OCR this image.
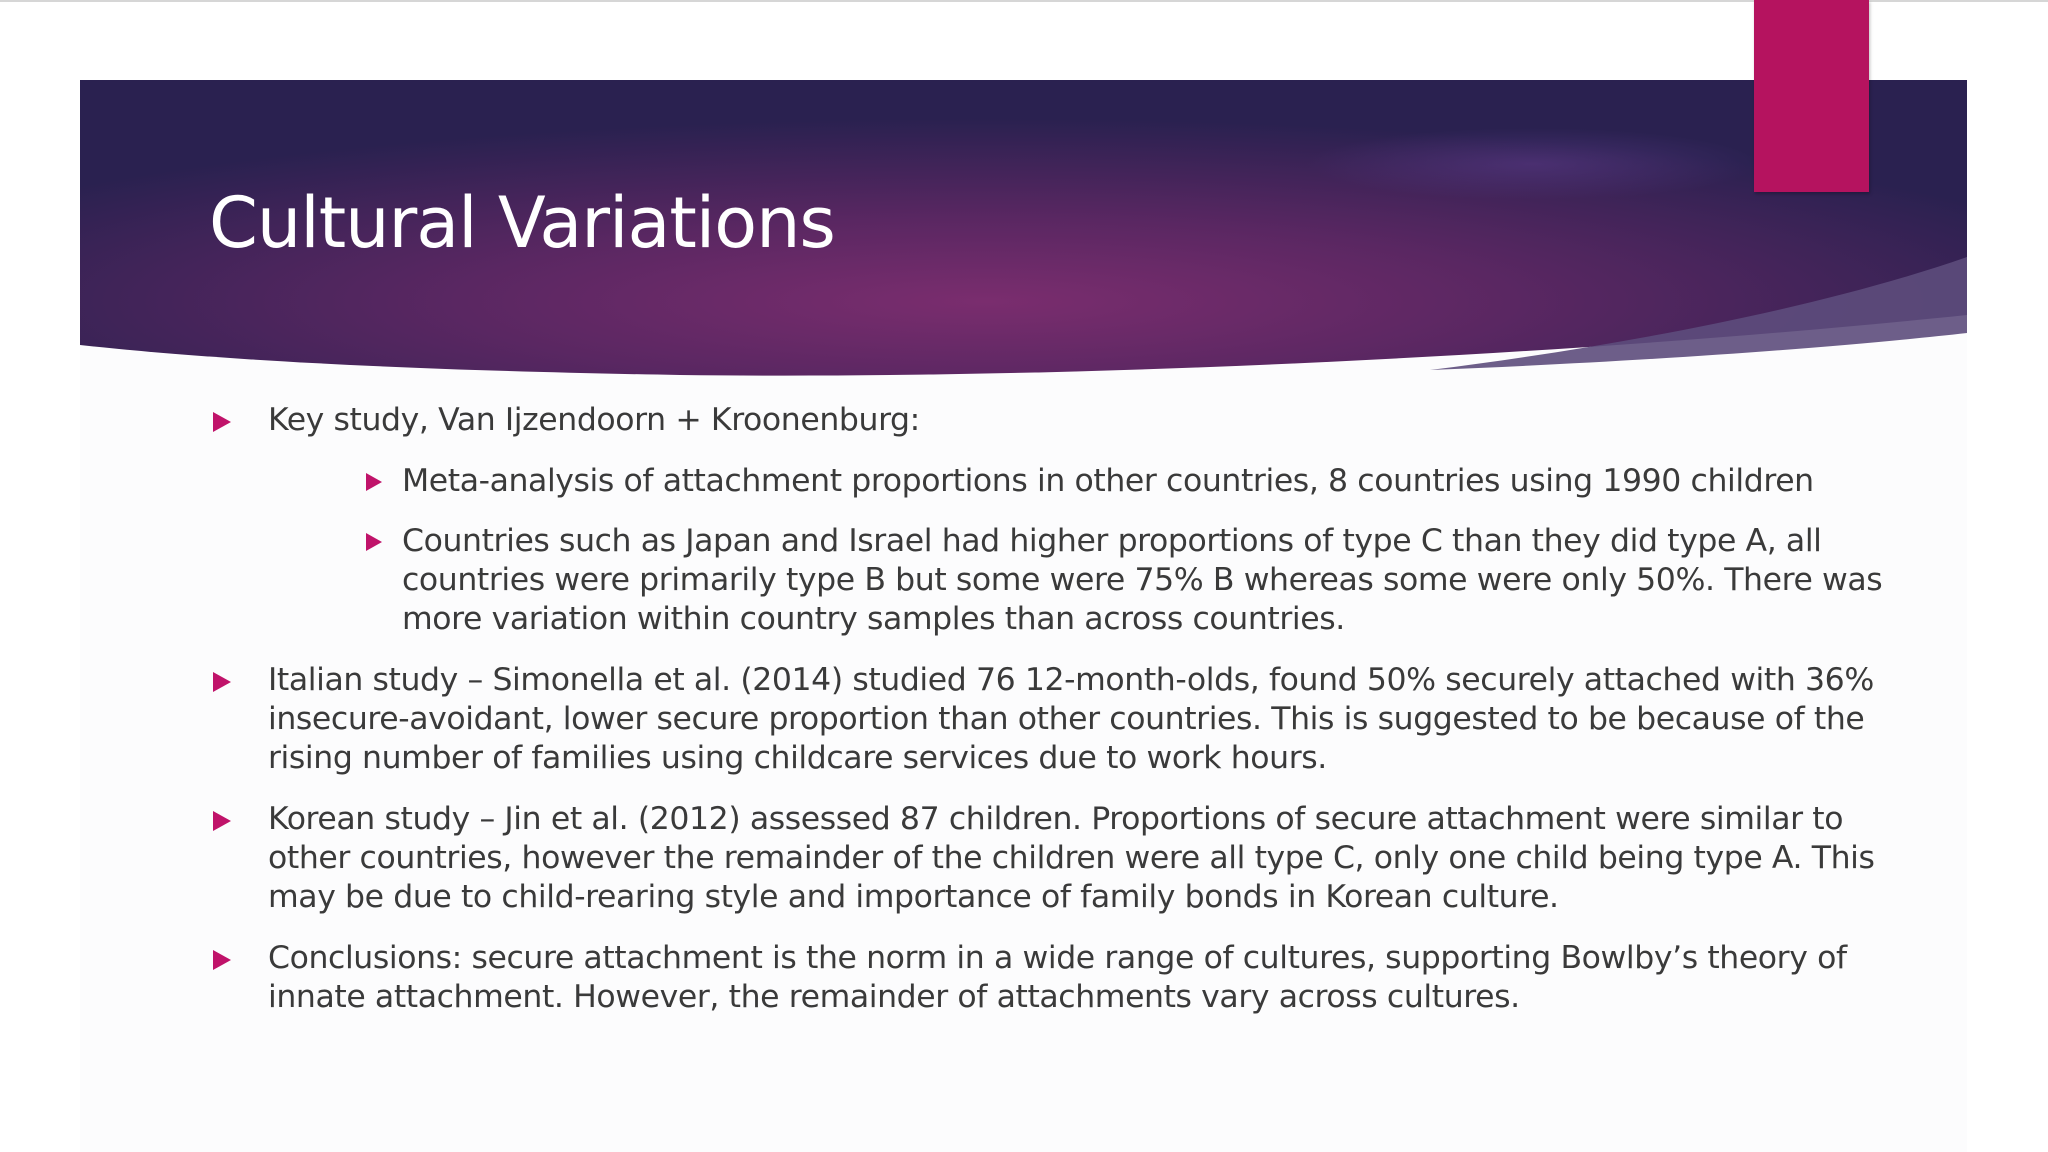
Cultural Variations
Key study, Van Ijzendoorn + Kroonenburg:
Meta-analysis of attachment proportions in other countries, 8 countries using 1990 children
Countries such as Japan and Israel had higher proportions of type C than they did type A, all
countries were primarily type B but some were 75% B whereas some were only 50%. There was
more variation within country samples than across countries.
Italian study – Simonella et al. (2014) studied 76 12-month-olds, found 50% securely attached with 36%
insecure-avoidant, lower secure proportion than other countries. This is suggested to be because of the
rising number of families using childcare services due to work hours.
Korean study – Jin et al. (2012) assessed 87 children. Proportions of secure attachment were similar to
other countries, however the remainder of the children were all type C, only one child being type A. This
may be due to child-rearing style and importance of family bonds in Korean culture.
Conclusions: secure attachment is the norm in a wide range of cultures, supporting Bowlby’s theory of
innate attachment. However, the remainder of attachments vary across cultures.
